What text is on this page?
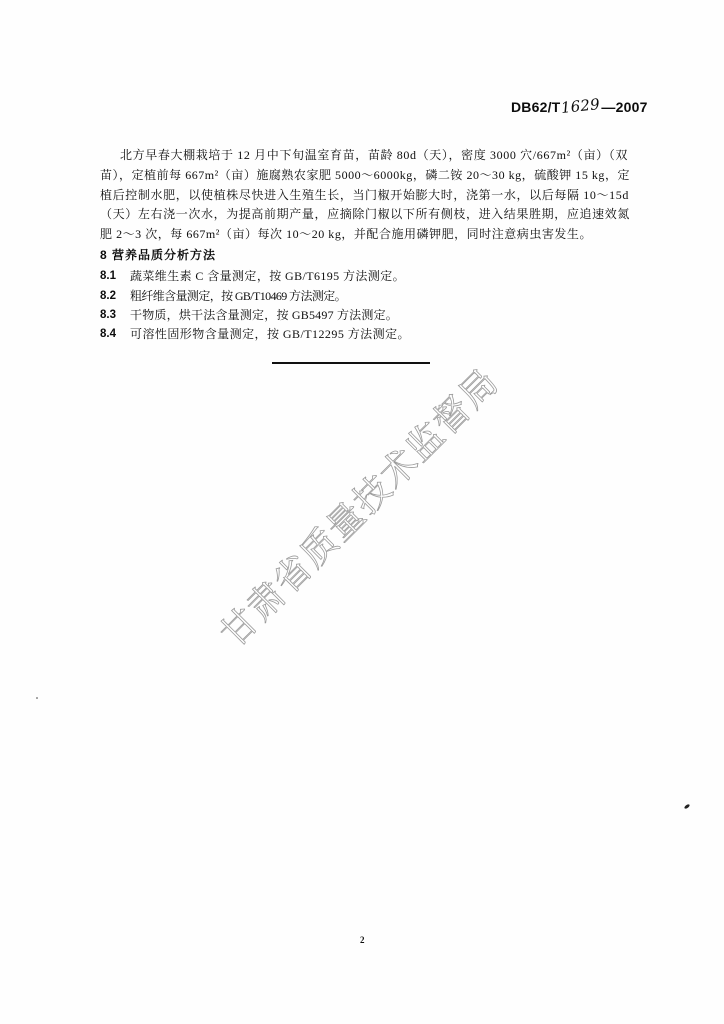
DB62/T1629—2007
北方早春大棚栽培于 12 月中下旬温室育苗，苗龄 80d（天），密度 3000 穴/667m²（亩）（双
苗），定植前每 667m²（亩）施腐熟农家肥 5000～6000kg，磷二铵 20～30 kg，硫酸钾 15 kg，定
植后控制水肥，以使植株尽快进入生殖生长，当门椒开始膨大时，浇第一水，以后每隔 10～15d
（天）左右浇一次水，为提高前期产量，应摘除门椒以下所有侧枝，进入结果胜期，应追速效氮
肥 2～3 次，每 667m²（亩）每次 10～20 kg，并配合施用磷钾肥，同时注意病虫害发生。
8 营养品质分析方法
8.1 蔬菜维生素 C 含量测定，按 GB/T6195 方法测定。
8.2 粗纤维含量测定，按 GB/T10469 方法测定。
8.3 干物质，烘干法含量测定，按 GB5497 方法测定。
8.4 可溶性固形物含量测定，按 GB/T12295 方法测定。
甘肃省质量技术监督局
2
